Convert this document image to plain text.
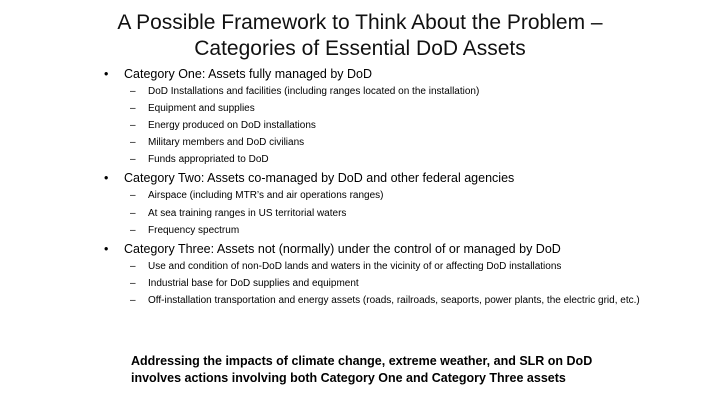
A Possible Framework to Think About the Problem –
Categories of Essential DoD Assets
• Category One: Assets fully managed by DoD
– DoD Installations and facilities (including ranges located on the installation)
– Equipment and supplies
– Energy produced on DoD installations
– Military members and DoD civilians
– Funds appropriated to DoD
• Category Two: Assets co-managed by DoD and other federal agencies
– Airspace (including MTR’s and air operations ranges)
– At sea training ranges in US territorial waters
– Frequency spectrum
• Category Three: Assets not (normally) under the control of or managed by DoD
– Use and condition of non-DoD lands and waters in the vicinity of or affecting DoD installations
– Industrial base for DoD supplies and equipment
– Off-installation transportation and energy assets (roads, railroads, seaports, power plants, the electric grid, etc.)
Addressing the impacts of climate change, extreme weather, and SLR on DoD
involves actions involving both Category One and Category Three assets
